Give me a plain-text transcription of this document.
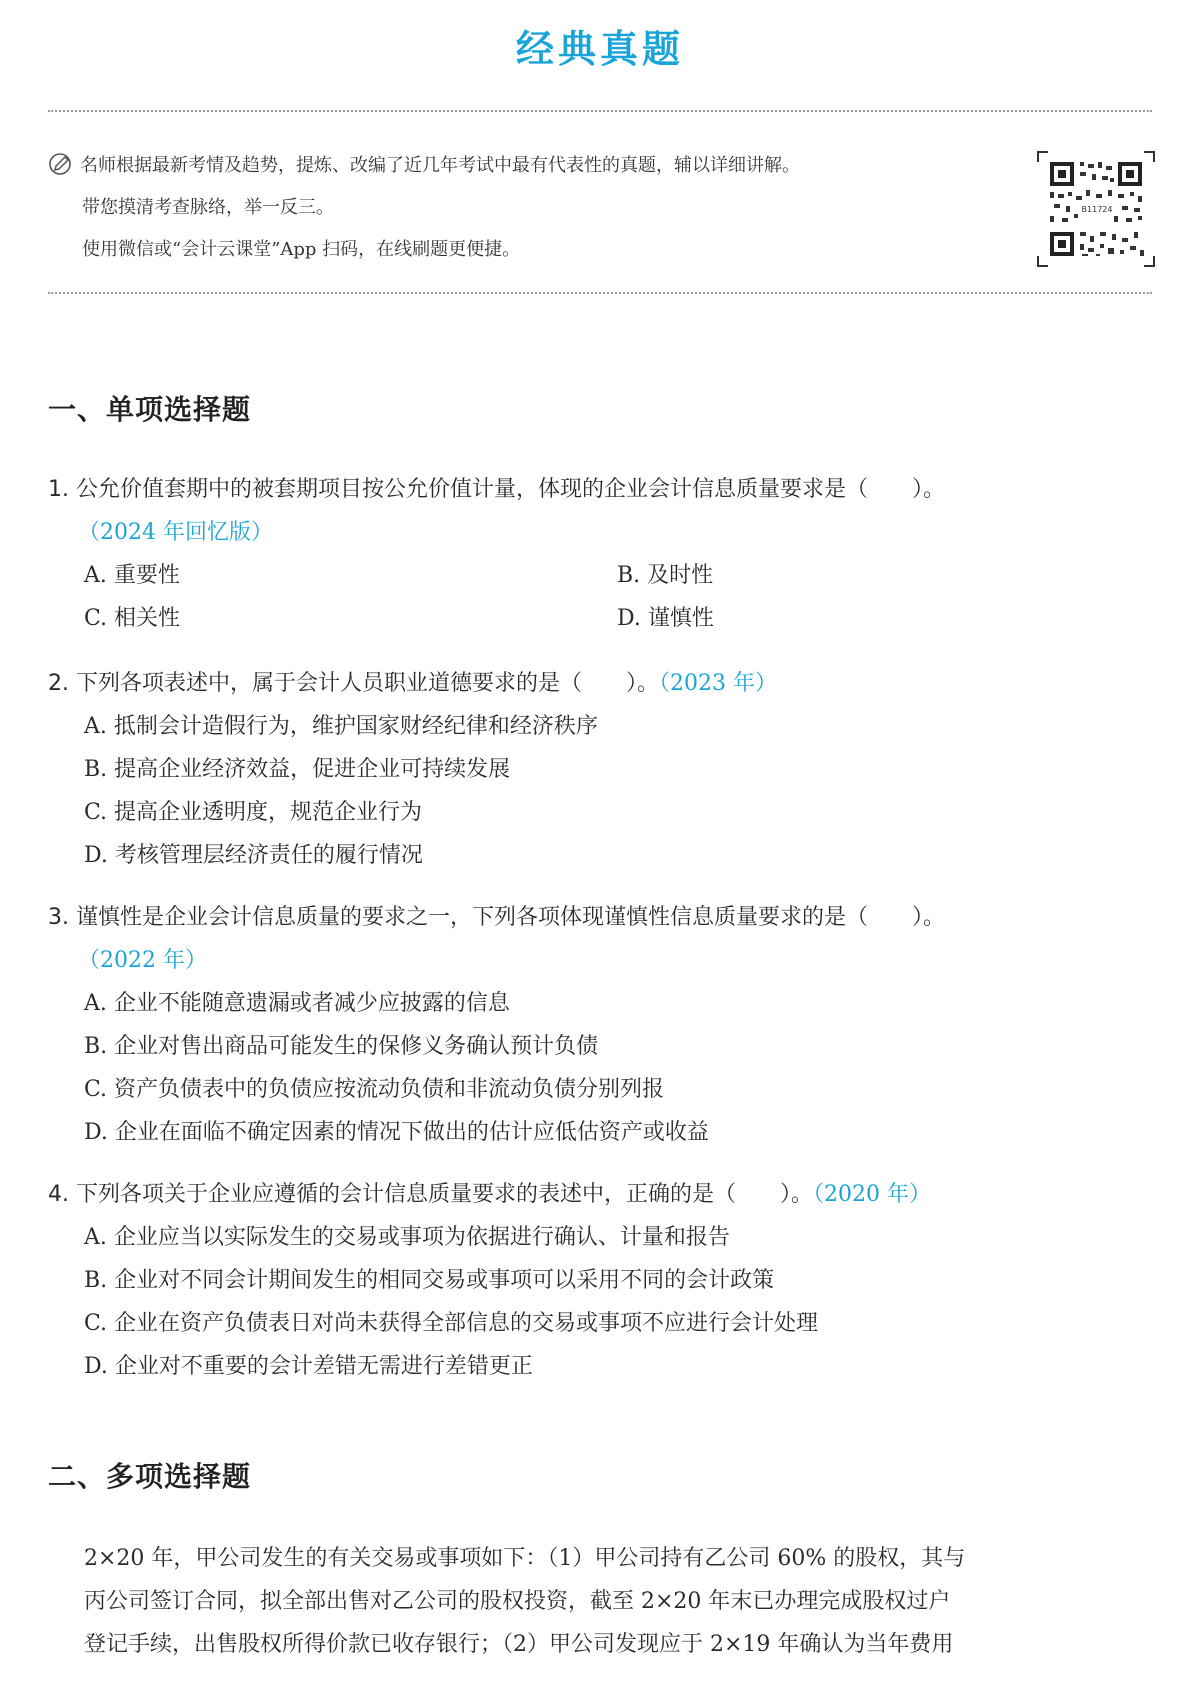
经典真题
名师根据最新考情及趋势，提炼、改编了近几年考试中最有代表性的真题，辅以详细讲解。
带您摸清考查脉络，举一反三。
使用微信或“会计云课堂”App 扫码，在线刷题更便捷。
B11724
一、单项选择题
1. 公允价值套期中的被套期项目按公允价值计量，体现的企业会计信息质量要求是（　　）。
（2024 年回忆版）
A. 重要性	B. 及时性
C. 相关性	D. 谨慎性
2. 下列各项表述中，属于会计人员职业道德要求的是（　　）。（2023 年）
A. 抵制会计造假行为，维护国家财经纪律和经济秩序
B. 提高企业经济效益，促进企业可持续发展
C. 提高企业透明度，规范企业行为
D. 考核管理层经济责任的履行情况
3. 谨慎性是企业会计信息质量的要求之一，下列各项体现谨慎性信息质量要求的是（　　）。
（2022 年）
A. 企业不能随意遗漏或者减少应披露的信息
B. 企业对售出商品可能发生的保修义务确认预计负债
C. 资产负债表中的负债应按流动负债和非流动负债分别列报
D. 企业在面临不确定因素的情况下做出的估计应低估资产或收益
4. 下列各项关于企业应遵循的会计信息质量要求的表述中，正确的是（　　）。（2020 年）
A. 企业应当以实际发生的交易或事项为依据进行确认、计量和报告
B. 企业对不同会计期间发生的相同交易或事项可以采用不同的会计政策
C. 企业在资产负债表日对尚未获得全部信息的交易或事项不应进行会计处理
D. 企业对不重要的会计差错无需进行差错更正
二、多项选择题
2×20 年，甲公司发生的有关交易或事项如下：（1）甲公司持有乙公司 60% 的股权，其与
丙公司签订合同，拟全部出售对乙公司的股权投资，截至 2×20 年末已办理完成股权过户
登记手续，出售股权所得价款已收存银行；（2）甲公司发现应于 2×19 年确认为当年费用
